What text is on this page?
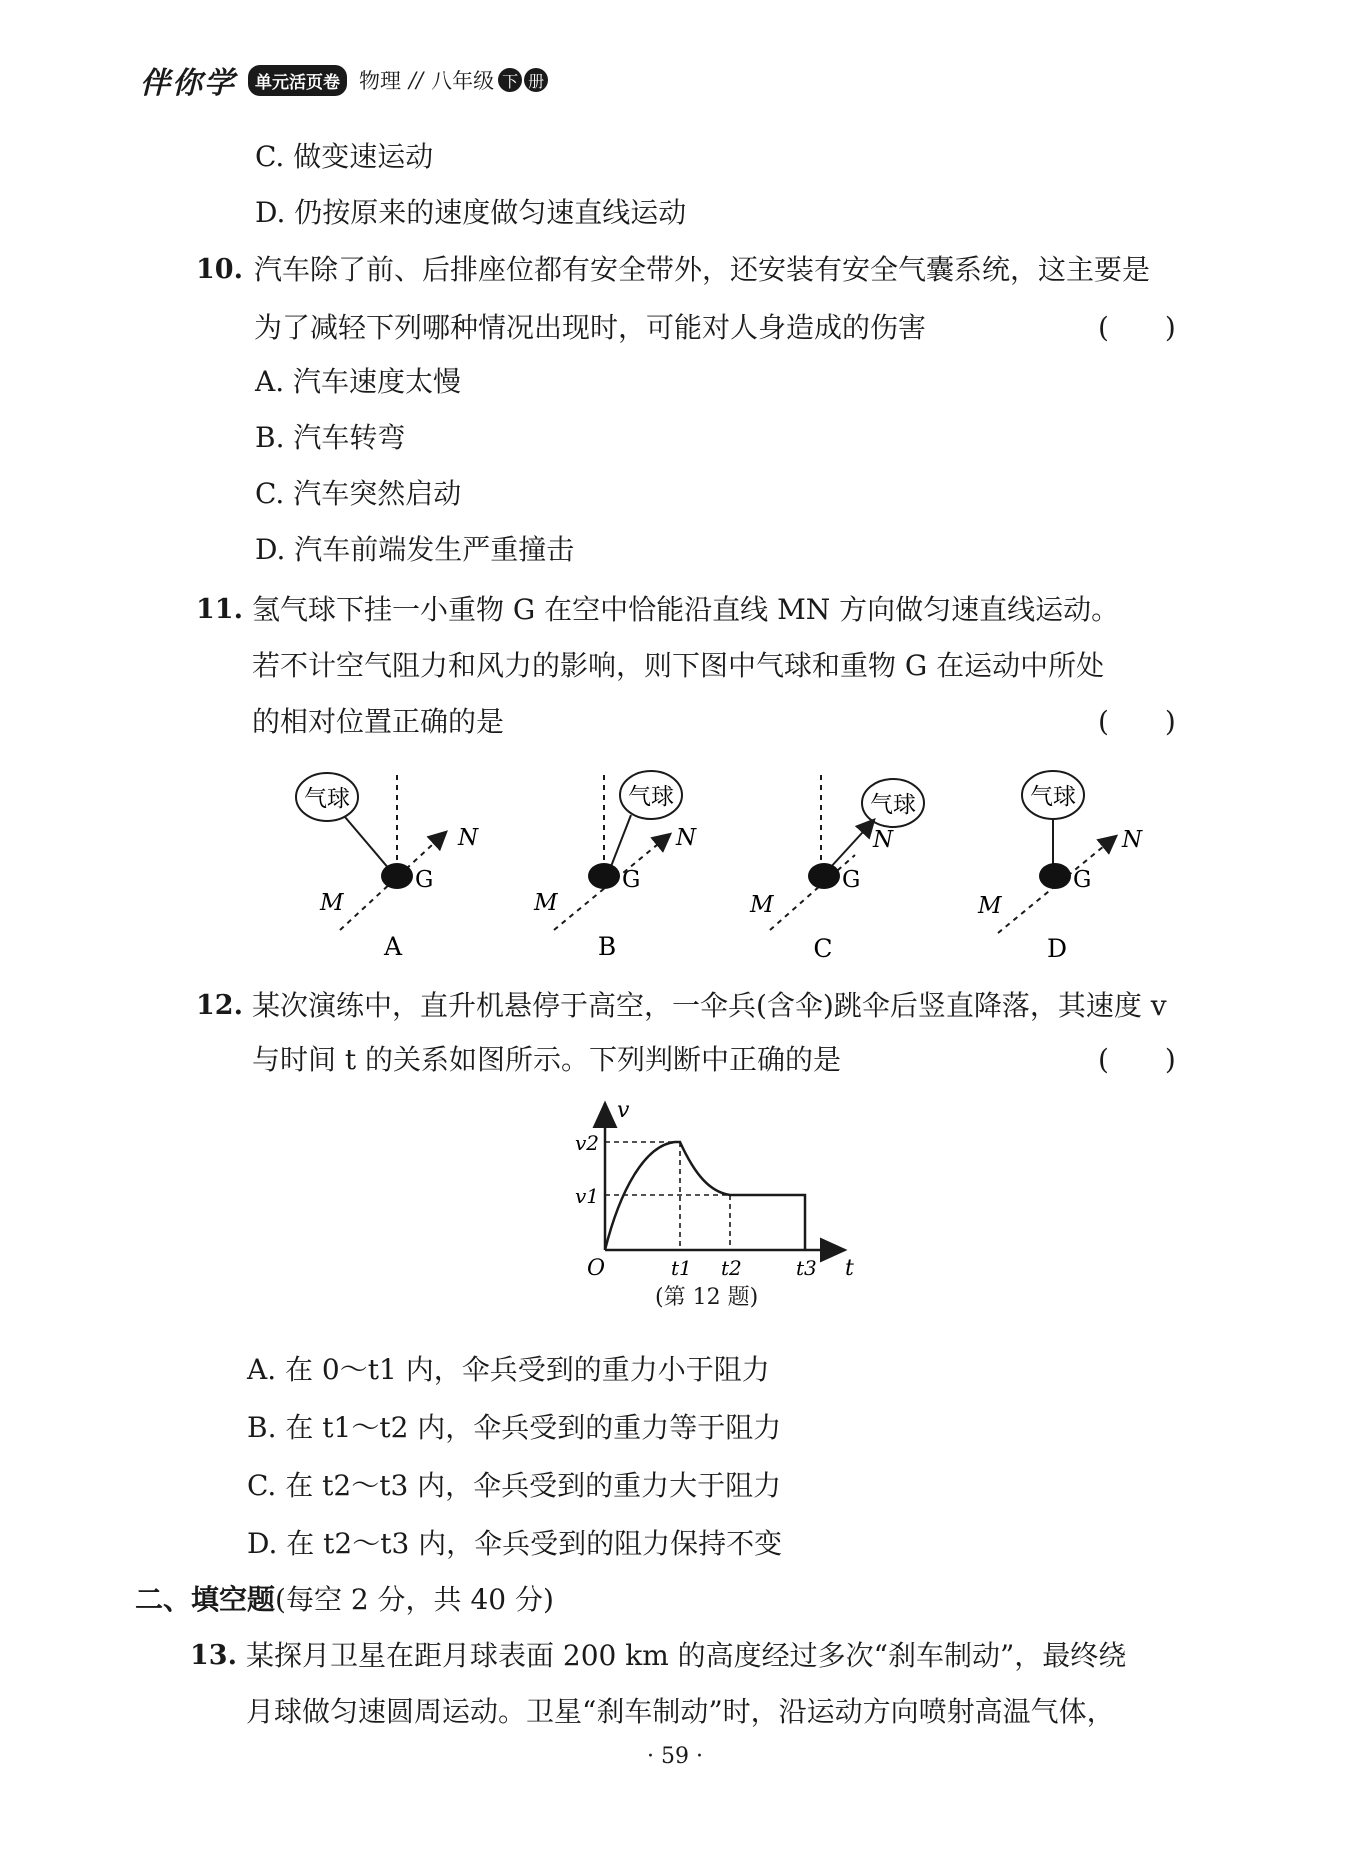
伴你学	单元活页卷 物理 // 八年级 下 册
C. 做变速运动
D. 仍按原来的速度做匀速直线运动
10. 汽车除了前、后排座位都有安全带外，还安装有安全气囊系统，这主要是
为了减轻下列哪种情况出现时，可能对人身造成的伤害	(　　)
A. 汽车速度太慢
B. 汽车转弯
C. 汽车突然启动
D. 汽车前端发生严重撞击
11. 氢气球下挂一小重物 G 在空中恰能沿直线 MN 方向做匀速直线运动。
若不计空气阻力和风力的影响，则下图中气球和重物 G 在运动中所处
的相对位置正确的是	(　　)
气球
G
M
N
A
气球
G
M
N
B
气球
G
M
N
C
气球
G
M
N
D
12. 某次演练中，直升机悬停于高空，一伞兵(含伞)跳伞后竖直降落，其速度 v
与时间 t 的关系如图所示。下列判断中正确的是	(　　)
v
t
O
v2
v1
t1 t2	t3
(第 12 题)
A. 在 0～t1 内，伞兵受到的重力小于阻力
B. 在 t1～t2 内，伞兵受到的重力等于阻力
C. 在 t2～t3 内，伞兵受到的重力大于阻力
D. 在 t2～t3 内，伞兵受到的阻力保持不变
二、填空题(每空 2 分，共 40 分)
13. 某探月卫星在距月球表面 200 km 的高度经过多次“刹车制动”，最终绕
月球做匀速圆周运动。卫星“刹车制动”时，沿运动方向喷射高温气体，
· 59 ·
